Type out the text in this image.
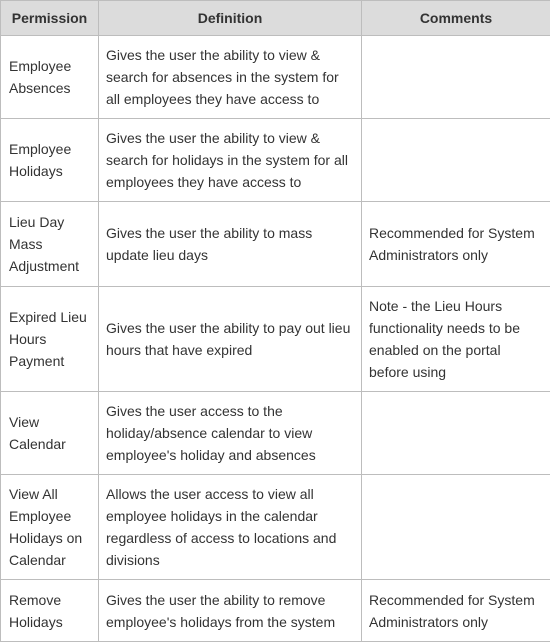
Permission	Definition	Comments
Employee Absences	Gives the user the ability to view & search for absences in the system for all employees they have access to	
Employee Holidays	Gives the user the ability to view & search for holidays in the system for all employees they have access to	
Lieu Day Mass Adjustment	Gives the user the ability to mass update lieu days	Recommended for System Administrators only
Expired Lieu Hours Payment	Gives the user the ability to pay out lieu hours that have expired	Note - the Lieu Hours functionality needs to be enabled on the portal before using
View Calendar	Gives the user access to the holiday/absence calendar to view employee's holiday and absences	
View All Employee Holidays on Calendar	Allows the user access to view all employee holidays in the calendar regardless of access to locations and divisions	
Remove Holidays	Gives the user the ability to remove employee's holidays from the system	Recommended for System Administrators only
